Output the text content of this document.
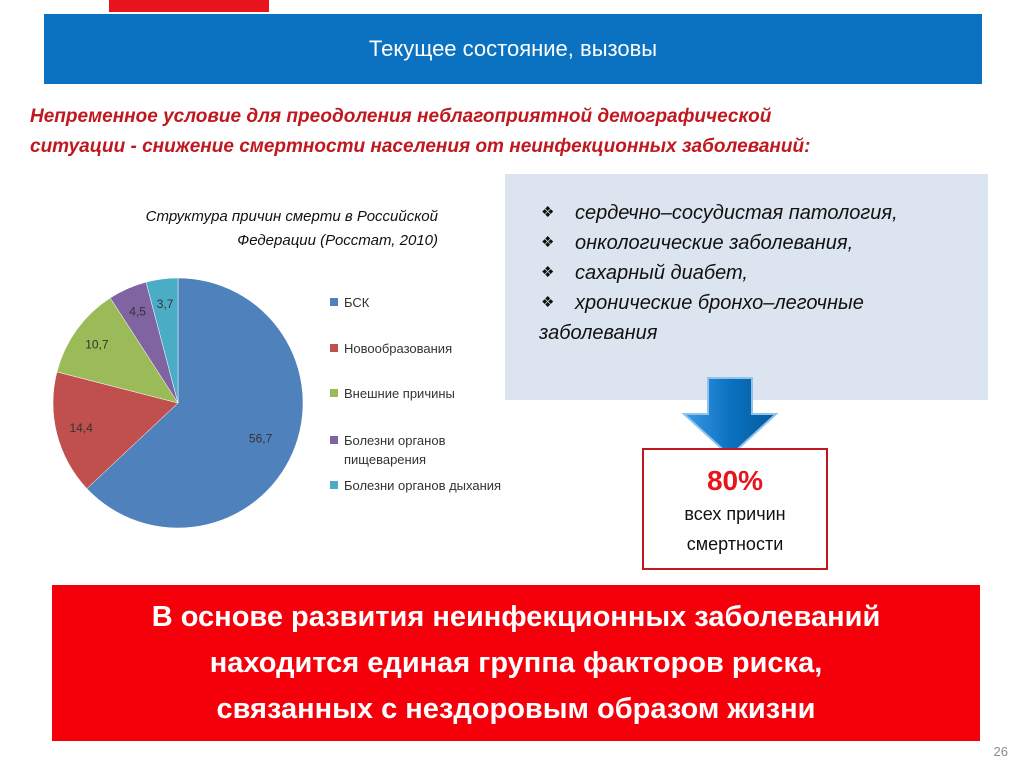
Текущее состояние, вызовы
Непременное условие для преодоления неблагоприятной демографической
ситуации - снижение смертности населения от неинфекционных заболеваний:
Структура причин смерти в Российской
Федерации (Росстат, 2010)
56,7
14,4
10,7
4,5
3,7	БСК
Новообразования
Внешние причины
Болезни органов пищеварения
Болезни органов дыхания
❖	сердечно–сосудистая патология,
❖	онкологические заболевания,
❖	сахарный диабет,
❖	хронические бронхо–легочные
заболевания
80%
всех причин
смертности
В основе развития неинфекционных заболеваний
находится единая группа факторов риска,
связанных с нездоровым образом жизни
26
